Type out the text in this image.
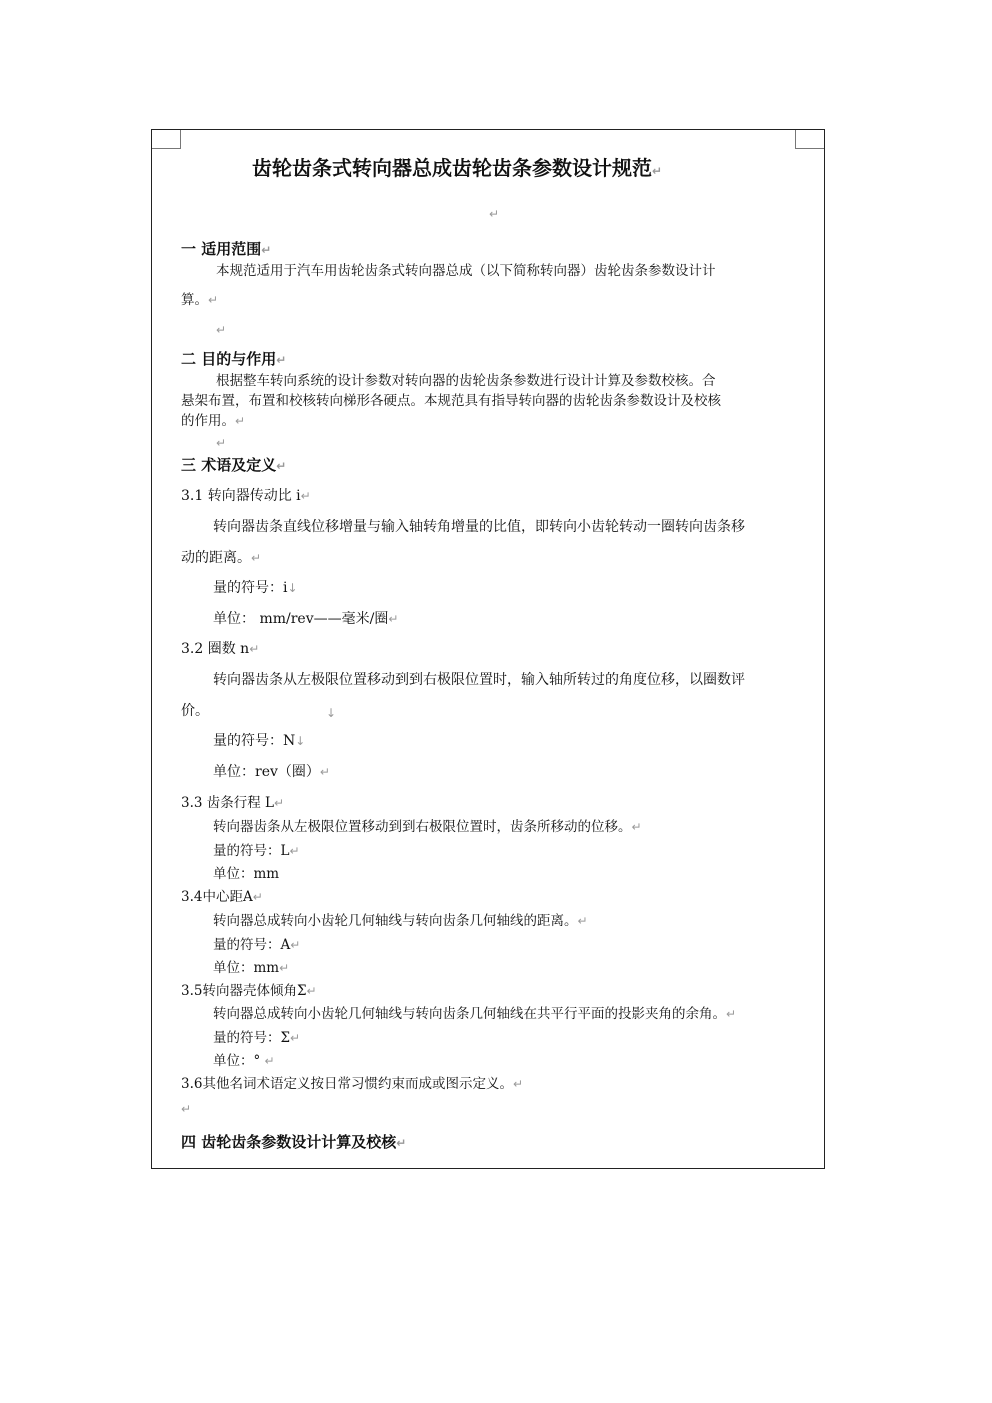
齿轮齿条式转向器总成齿轮齿条参数设计规范↵
↵
一 适用范围↵
本规范适用于汽车用齿轮齿条式转向器总成（以下简称转向器）齿轮齿条参数设计计
算。↵
↵
二 目的与作用↵
根据整车转向系统的设计参数对转向器的齿轮齿条参数进行设计计算及参数校核。合
悬架布置，布置和校核转向梯形各硬点。本规范具有指导转向器的齿轮齿条参数设计及校核
的作用。↵
↵
三 术语及定义↵
3.1 转向器传动比 i↵
转向器齿条直线位移增量与输入轴转角增量的比值，即转向小齿轮转动一圈转向齿条移
动的距离。↵
量的符号：i↓
单位： mm/rev——毫米/圈↵
3.2 圈数 n↵
转向器齿条从左极限位置移动到到右极限位置时，输入轴所转过的角度位移，以圈数评
价。	↓
量的符号：N↓
单位：rev（圈）↵
3.3 齿条行程 L↵
转向器齿条从左极限位置移动到到右极限位置时，齿条所移动的位移。↵
量的符号：L↵
单位：mm
3.4中心距A↵
转向器总成转向小齿轮几何轴线与转向齿条几何轴线的距离。↵
量的符号：A↵
单位：mm↵
3.5转向器壳体倾角Σ↵
转向器总成转向小齿轮几何轴线与转向齿条几何轴线在共平行平面的投影夹角的余角。↵
量的符号：Σ↵
单位：° ↵
3.6其他名词术语定义按日常习惯约束而成或图示定义。↵
↵
四 齿轮齿条参数设计计算及校核↵
